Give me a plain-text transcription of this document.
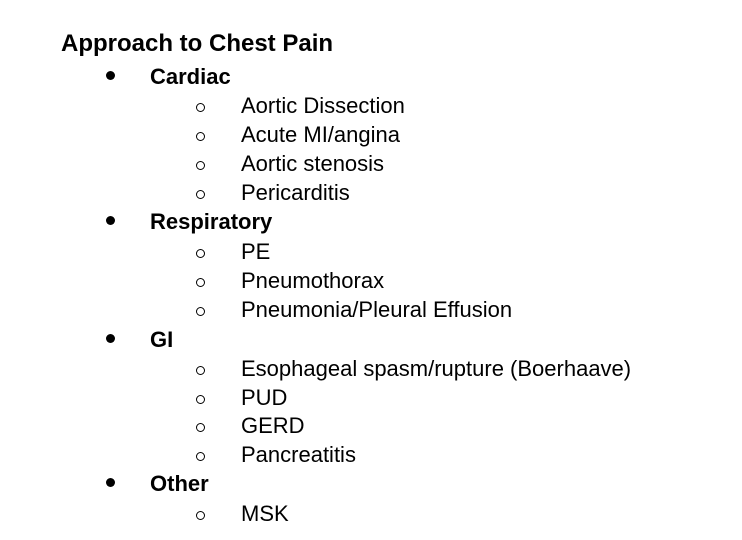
Approach to Chest Pain
Cardiac
Aortic Dissection
Acute MI/angina
Aortic stenosis
Pericarditis
Respiratory
PE
Pneumothorax
Pneumonia/Pleural Effusion
GI
Esophageal spasm/rupture (Boerhaave)
PUD
GERD
Pancreatitis
Other
MSK
